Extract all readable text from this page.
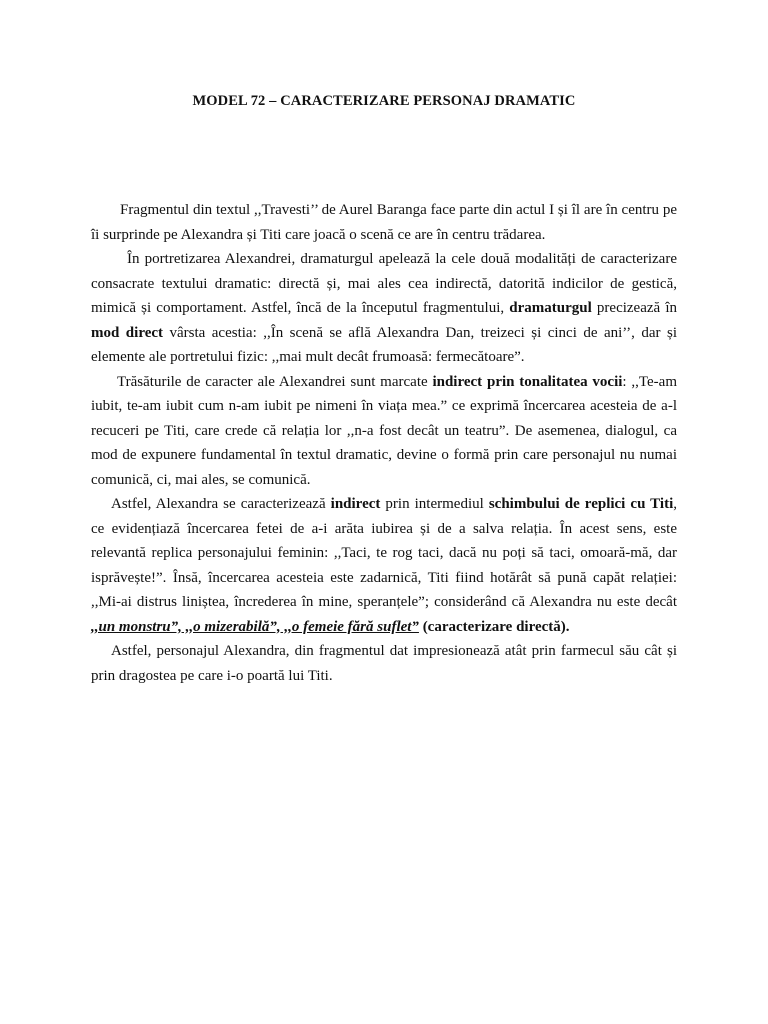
MODEL 72 – CARACTERIZARE PERSONAJ DRAMATIC

Fragmentul din textul ,,Travesti’’ de Aurel Baranga face parte din actul I și îl are în centru pe îi surprinde pe Alexandra și Titi care joacă o scenă ce are în centru trădarea.

În portretizarea Alexandrei, dramaturgul apelează la cele două modalități de caracterizare consacrate textului dramatic: directă și, mai ales cea indirectă, datorită indicilor de gestică, mimică și comportament. Astfel, încă de la începutul fragmentului, dramaturgul precizează în mod direct vârsta acestia: ,,În scenă se află Alexandra Dan, treizeci și cinci de ani’’, dar și elemente ale portretului fizic: ,,mai mult decât frumoasă: fermecătoare”.

Trăsăturile de caracter ale Alexandrei sunt marcate indirect prin tonalitatea vocii: ,,Te-am iubit, te-am iubit cum n-am iubit pe nimeni în viața mea.” ce exprimă încercarea acesteia de a-l recuceri pe Titi, care crede că relația lor ,,n-a fost decât un teatru”. De asemenea, dialogul, ca mod de expunere fundamental în textul dramatic, devine o formă prin care personajul nu numai comunică, ci, mai ales, se comunică.

Astfel, Alexandra se caracterizează indirect prin intermediul schimbului de replici cu Titi, ce evidențiază încercarea fetei de a-i arăta iubirea și de a salva relația. În acest sens, este relevantă replica personajului feminin: ,,Taci, te rog taci, dacă nu poți să taci, omoară-mă, dar isprăvește!”. Însă, încercarea acesteia este zadarnică, Titi fiind hotărât să pună capăt relației: ,,Mi-ai distrus liniștea, încrederea în mine, speranțele”; considerând că Alexandra nu este decât ,,un monstru”, ,,o mizerabilă”, ,,o femeie fără suflet” (caracterizare directă).

Astfel, personajul Alexandra, din fragmentul dat impresionează atât prin farmecul său cât și prin dragostea pe care i-o poartă lui Titi.
